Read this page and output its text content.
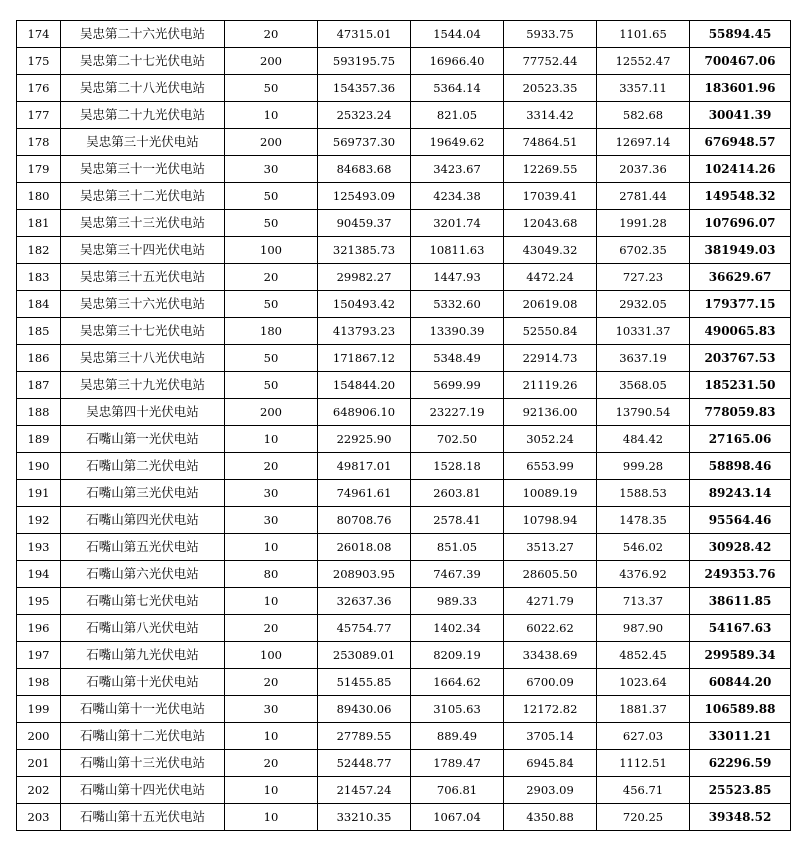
174	吴忠第二十六光伏电站	20	47315.01	1544.04	5933.75	1101.65	55894.45
175	吴忠第二十七光伏电站	200	593195.75	16966.40	77752.44	12552.47	700467.06
176	吴忠第二十八光伏电站	50	154357.36	5364.14	20523.35	3357.11	183601.96
177	吴忠第二十九光伏电站	10	25323.24	821.05	3314.42	582.68	30041.39
178	吴忠第三十光伏电站	200	569737.30	19649.62	74864.51	12697.14	676948.57
179	吴忠第三十一光伏电站	30	84683.68	3423.67	12269.55	2037.36	102414.26
180	吴忠第三十二光伏电站	50	125493.09	4234.38	17039.41	2781.44	149548.32
181	吴忠第三十三光伏电站	50	90459.37	3201.74	12043.68	1991.28	107696.07
182	吴忠第三十四光伏电站	100	321385.73	10811.63	43049.32	6702.35	381949.03
183	吴忠第三十五光伏电站	20	29982.27	1447.93	4472.24	727.23	36629.67
184	吴忠第三十六光伏电站	50	150493.42	5332.60	20619.08	2932.05	179377.15
185	吴忠第三十七光伏电站	180	413793.23	13390.39	52550.84	10331.37	490065.83
186	吴忠第三十八光伏电站	50	171867.12	5348.49	22914.73	3637.19	203767.53
187	吴忠第三十九光伏电站	50	154844.20	5699.99	21119.26	3568.05	185231.50
188	吴忠第四十光伏电站	200	648906.10	23227.19	92136.00	13790.54	778059.83
189	石嘴山第一光伏电站	10	22925.90	702.50	3052.24	484.42	27165.06
190	石嘴山第二光伏电站	20	49817.01	1528.18	6553.99	999.28	58898.46
191	石嘴山第三光伏电站	30	74961.61	2603.81	10089.19	1588.53	89243.14
192	石嘴山第四光伏电站	30	80708.76	2578.41	10798.94	1478.35	95564.46
193	石嘴山第五光伏电站	10	26018.08	851.05	3513.27	546.02	30928.42
194	石嘴山第六光伏电站	80	208903.95	7467.39	28605.50	4376.92	249353.76
195	石嘴山第七光伏电站	10	32637.36	989.33	4271.79	713.37	38611.85
196	石嘴山第八光伏电站	20	45754.77	1402.34	6022.62	987.90	54167.63
197	石嘴山第九光伏电站	100	253089.01	8209.19	33438.69	4852.45	299589.34
198	石嘴山第十光伏电站	20	51455.85	1664.62	6700.09	1023.64	60844.20
199	石嘴山第十一光伏电站	30	89430.06	3105.63	12172.82	1881.37	106589.88
200	石嘴山第十二光伏电站	10	27789.55	889.49	3705.14	627.03	33011.21
201	石嘴山第十三光伏电站	20	52448.77	1789.47	6945.84	1112.51	62296.59
202	石嘴山第十四光伏电站	10	21457.24	706.81	2903.09	456.71	25523.85
203	石嘴山第十五光伏电站	10	33210.35	1067.04	4350.88	720.25	39348.52
